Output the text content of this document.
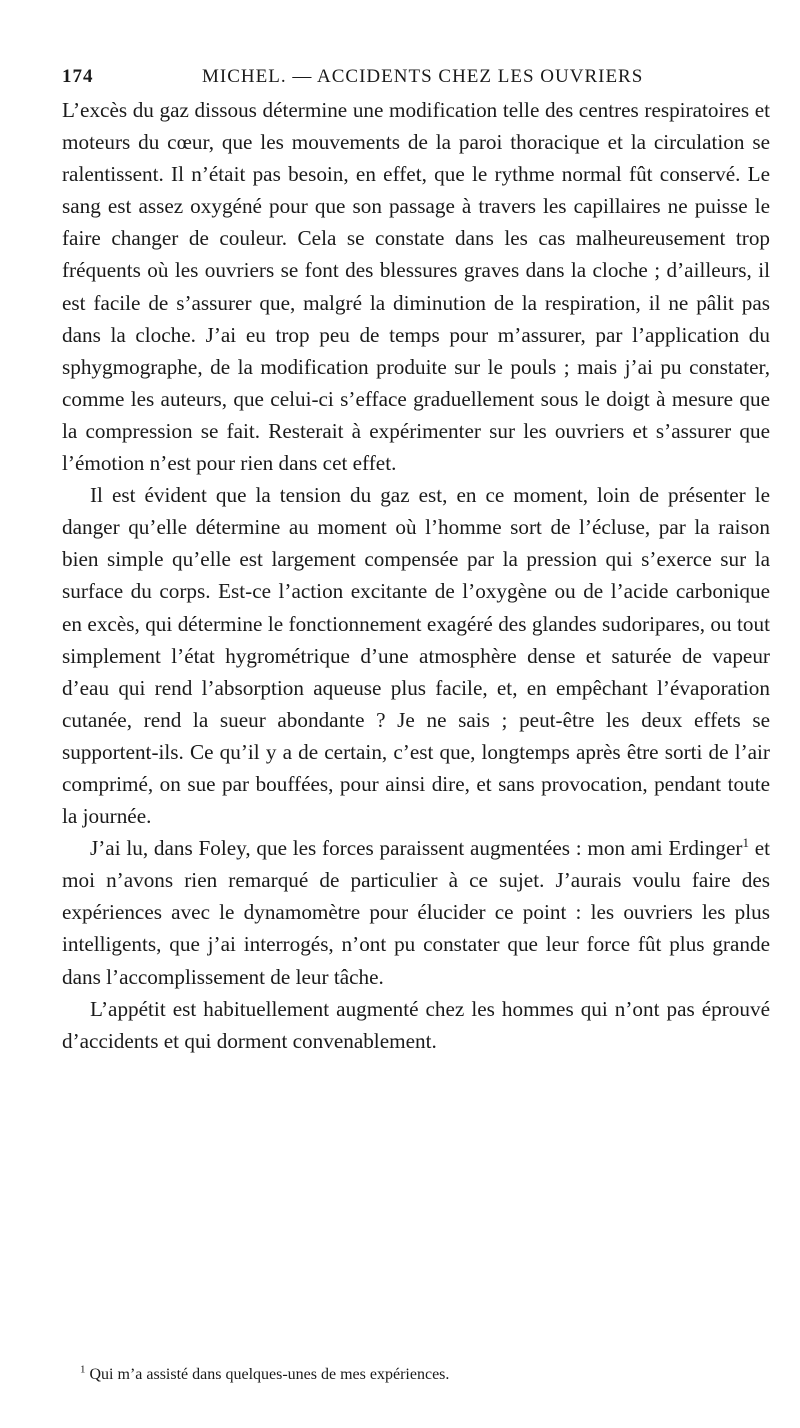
174	MICHEL. — ACCIDENTS CHEZ LES OUVRIERS

L’excès du gaz dissous détermine une modification telle des centres respiratoires et moteurs du cœur, que les mouvements de la paroi thoracique et la circulation se ralentissent. Il n’était pas besoin, en effet, que le rythme normal fût conservé. Le sang est assez oxygéné pour que son passage à travers les capillaires ne puisse le faire changer de couleur. Cela se constate dans les cas malheureusement trop fréquents où les ouvriers se font des blessures graves dans la cloche ; d’ailleurs, il est facile de s’assurer que, malgré la diminution de la respiration, il ne pâlit pas dans la cloche. J’ai eu trop peu de temps pour m’assurer, par l’application du sphygmographe, de la modification produite sur le pouls ; mais j’ai pu constater, comme les auteurs, que celui-ci s’efface graduellement sous le doigt à mesure que la compression se fait. Resterait à expérimenter sur les ouvriers et s’assurer que l’émotion n’est pour rien dans cet effet.

Il est évident que la tension du gaz est, en ce moment, loin de présenter le danger qu’elle détermine au moment où l’homme sort de l’écluse, par la raison bien simple qu’elle est largement compensée par la pression qui s’exerce sur la surface du corps. Est-ce l’action excitante de l’oxygène ou de l’acide carbonique en excès, qui détermine le fonctionnement exagéré des glandes sudoripares, ou tout simplement l’état hygrométrique d’une atmosphère dense et saturée de vapeur d’eau qui rend l’absorption aqueuse plus facile, et, en empêchant l’évaporation cutanée, rend la sueur abondante ? Je ne sais ; peut-être les deux effets se supportent-ils. Ce qu’il y a de certain, c’est que, longtemps après être sorti de l’air comprimé, on sue par bouffées, pour ainsi dire, et sans provocation, pendant toute la journée.

J’ai lu, dans Foley, que les forces paraissent augmentées : mon ami Erdinger$^1$ et moi n’avons rien remarqué de particulier à ce sujet. J’aurais voulu faire des expériences avec le dynamomètre pour élucider ce point : les ouvriers les plus intelligents, que j’ai interrogés, n’ont pu constater que leur force fût plus grande dans l’accomplissement de leur tâche.

L’appétit est habituellement augmenté chez les hommes qui n’ont pas éprouvé d’accidents et qui dorment convenablement.

$^1$ Qui m’a assisté dans quelques-unes de mes expériences.
